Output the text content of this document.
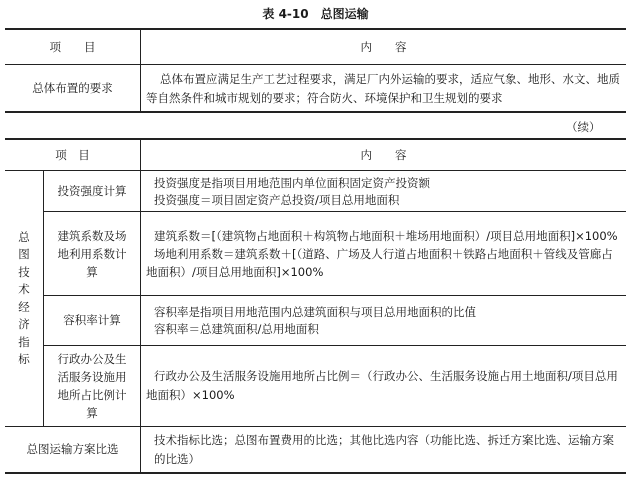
表 4-10　总图运输
项　　目	内　　容
总体布置的要求
总体布置应满足生产工艺过程要求，满足厂内外运输的要求，适应气象、地形、水文、地质等自然条件和城市规划的要求；符合防火、环境保护和卫生规划的要求
（续）
项　目	内　　容
总图技术经济指标
投资强度计算
投资强度是指项目用地范围内单位面积固定资产投资额
投资强度＝项目固定资产总投资/项目总用地面积
建筑系数及场地利用系数计算
建筑系数＝[（建筑物占地面积＋构筑物占地面积＋堆场用地面积）/项目总用地面积]×100%
场地利用系数＝建筑系数＋[（道路、广场及人行道占地面积＋铁路占地面积＋管线及管廊占地面积）/项目总用地面积]×100%
容积率计算
容积率是指项目用地范围内总建筑面积与项目总用地面积的比值
容积率＝总建筑面积/总用地面积
行政办公及生活服务设施用地所占比例计算
行政办公及生活服务设施用地所占比例＝（行政办公、生活服务设施占用土地面积/项目总用地面积）×100%
总图运输方案比选
技术指标比选；总图布置费用的比选；其他比选内容（功能比选、拆迁方案比选、运输方案的比选）
